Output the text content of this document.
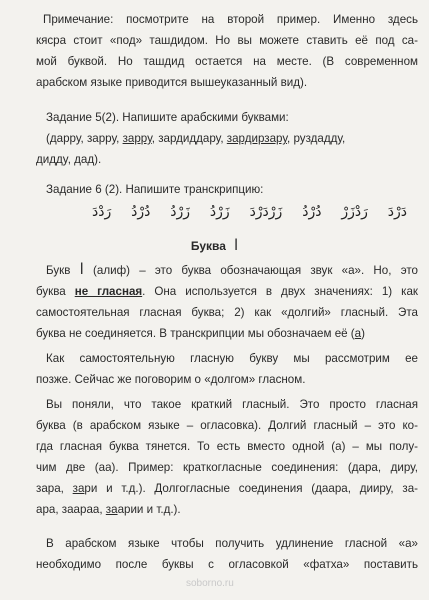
Примечание: посмотрите на второй пример. Именно здесь
кясра стоит «под» ташдидом. Но вы можете ставить её под са-
мой буквой. Но ташдид остается на месте. (В современном
арабском языке приводится вышеуказанный вид).

Задание 5(2). Напишите арабскими буквами:
(дарру, зарру, зарру, зардиддару, зардирзару, руздадду,

диддy, дад).

Задание 6 (2). Напишите транскрипцию:

دَرْدَ
رَدْزَرْ
دُرْدُ
زَرْدَرْدَ
زَرْدُ
زَرْدُ
دُرْدُ
رَدْدَ
Буква ا

Букв ا (алиф) – это буква обозначающая звук «а». Но, это
буква не гласная. Она используется в двух значениях: 1) как
самостоятельная гласная буква; 2) как «долгий» гласный. Эта
буква не соединяется. В транскрипции мы обозначаем её (а)

Как самостоятельную гласную букву мы рассмотрим ее
позже. Сейчас же поговорим о «долгом» гласном.

Вы поняли, что такое краткий гласный. Это просто гласная
буква (в арабском языке – огласовка). Долгий гласный – это ко-
гда гласная буква тянется. То есть вместо одной (а) – мы полу-
чим две (аа). Пример: краткогласные соединения: (дара, диру,
зара, зари и т.д.). Долгогласные соединения (даара, дииру, за-
ара, заараа, заарии и т.д.).

В арабском языке чтобы получить удлинение гласной «а»
необходимо после буквы с огласовкой «фатха» поставить

soborno.ru
